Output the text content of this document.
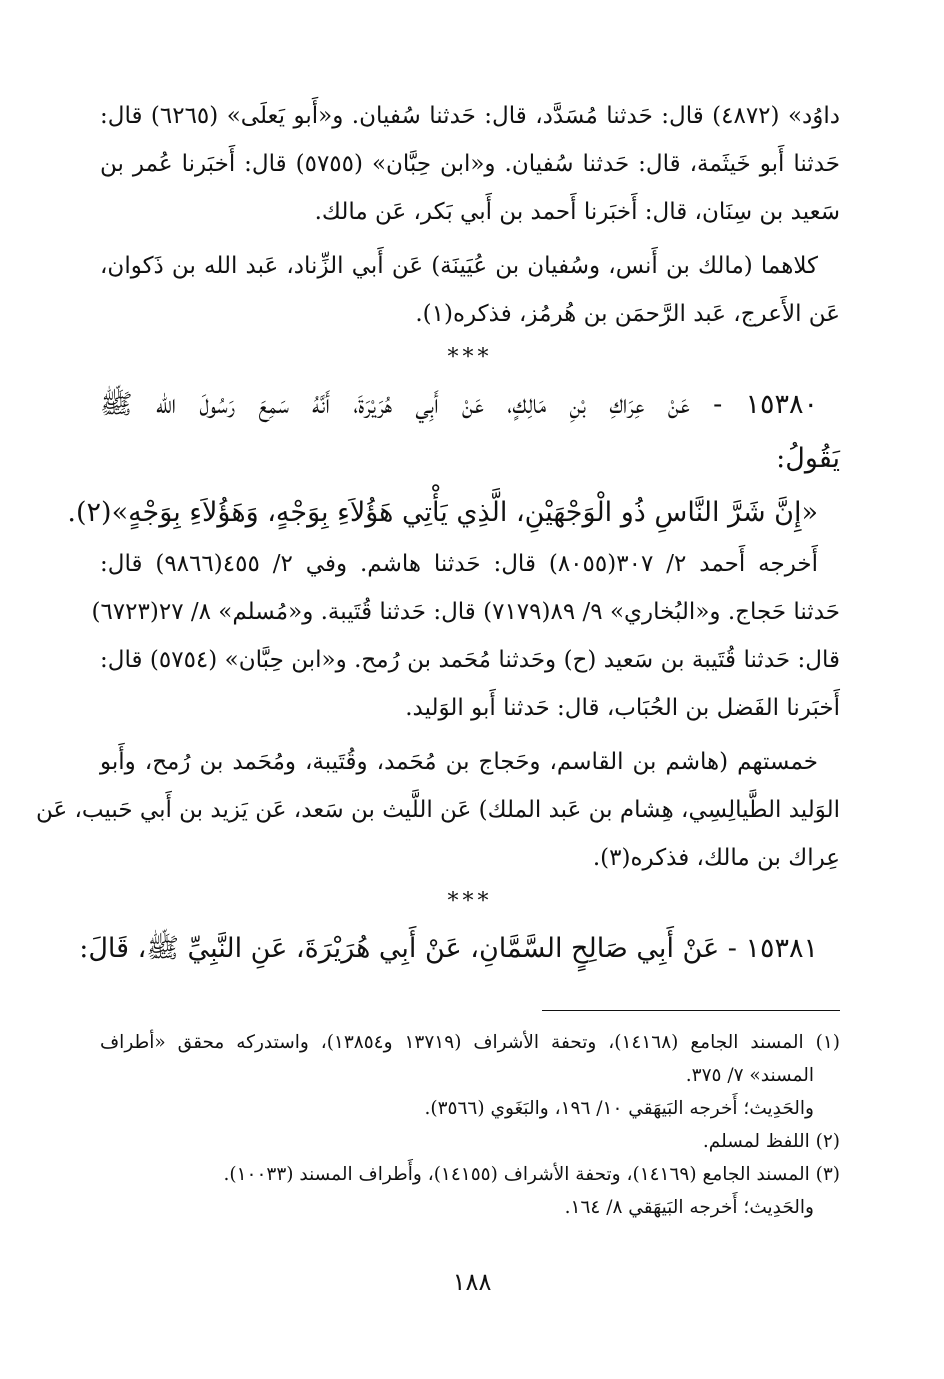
داوُد» (٤٨٧٢) قال: حَدثنا مُسَدَّد، قال: حَدثنا سُفيان. و«أَبو يَعلَى» (٦٢٦٥) قال:
حَدثنا أَبو خَيثَمة، قال: حَدثنا سُفيان. و«ابن حِبَّان» (٥٧٥٥) قال: أَخبَرنا عُمر بن
سَعيد بن سِنَان، قال: أَخبَرنا أَحمد بن أَبي بَكر، عَن مالك.
كلاهما (مالك بن أَنس، وسُفيان بن عُيَينَة) عَن أَبي الزِّناد، عَبد الله بن ذَكوان،
عَن الأَعرج، عَبد الرَّحمَن بن هُرمُز، فذكره(١).
***
١٥٣٨٠ - عَنْ عِرَاكِ بْنِ مَالِكٍ، عَنْ أَبِي هُرَيْرَةَ، أَنَّهُ سَمِعَ رَسُولَ الله ﷺ
يَقُولُ:
«إِنَّ شَرَّ النَّاسِ ذُو الْوَجْهَيْنِ، الَّذِي يَأْتِي هَؤُلاَءِ بِوَجْهٍ، وَهَؤُلاَءِ بِوَجْهٍ»(٢).
أَخرجه أَحمد ٢/ ٣٠٧(٨٠٥٥) قال: حَدثنا هاشم. وفي ٢/ ٤٥٥(٩٨٦٦) قال:
حَدثنا حَجاج. و«البُخاري» ٩/ ٨٩(٧١٧٩) قال: حَدثنا قُتَيبة. و«مُسلم» ٨/ ٢٧(٦٧٢٣)
قال: حَدثنا قُتَيبة بن سَعيد (ح) وحَدثنا مُحَمد بن رُمح. و«ابن حِبَّان» (٥٧٥٤) قال:
أَخبَرنا الفَضل بن الحُبَاب، قال: حَدثنا أَبو الوَليد.
خمستهم (هاشم بن القاسم، وحَجاج بن مُحَمد، وقُتَيبة، ومُحَمد بن رُمح، وأَبو
الوَليد الطَّيالِسِي، هِشام بن عَبد الملك) عَن اللَّيث بن سَعد، عَن يَزيد بن أَبي حَبيب، عَن
عِراك بن مالك، فذكره(٣).
***
١٥٣٨١ - عَنْ أَبِي صَالِحٍ السَّمَّانِ، عَنْ أَبِي هُرَيْرَةَ، عَنِ النَّبِيِّ ﷺ، قَالَ:
(١) المسند الجامع (١٤١٦٨)، وتحفة الأشراف (١٣٧١٩ و١٣٨٥٤)، واستدركه محقق «أطراف
المسند» ٧/ ٣٧٥.
والحَدِيث؛ أَخرجه البَيهَقي ١٠/ ١٩٦، والبَغَوي (٣٥٦٦).
(٢) اللفظ لمسلم.
(٣) المسند الجامع (١٤١٦٩)، وتحفة الأشراف (١٤١٥٥)، وأَطراف المسند (١٠٠٣٣).
والحَدِيث؛ أَخرجه البَيهَقي ٨/ ١٦٤.
١٨٨
